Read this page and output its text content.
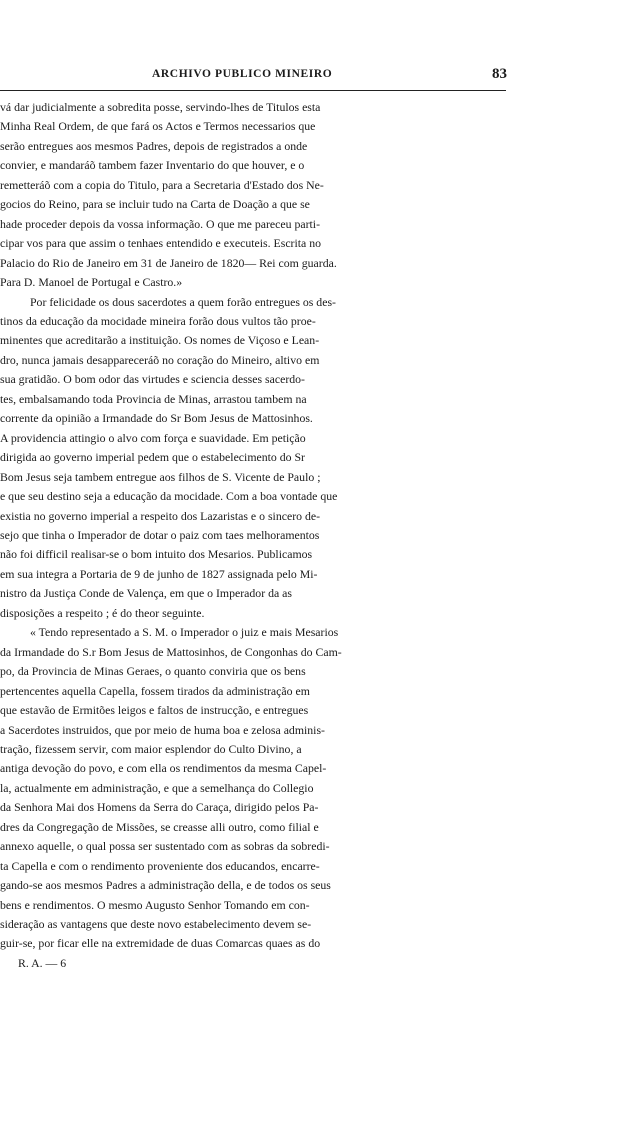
ARCHIVO PUBLICO MINEIRO	83
vá dar judicialmente a sobredita posse, servindo-lhes de Titulos esta
Minha Real Ordem, de que fará os Actos e Termos necessarios que
serão entregues aos mesmos Padres, depois de registrados a onde
convier, e mandaráõ tambem fazer Inventario do que houver, e o
remetteráõ com a copia do Titulo, para a Secretaria d'Estado dos Ne-
gocios do Reino, para se incluir tudo na Carta de Doação a que se
hade proceder depois da vossa informação. O que me pareceu parti-
cipar vos para que assim o tenhaes entendido e executeis. Escrita no
Palacio do Rio de Janeiro em 31 de Janeiro de 1820— Rei com guarda.
Para D. Manoel de Portugal e Castro.»
Por felicidade os dous sacerdotes a quem forão entregues os des-
tinos da educação da mocidade mineira forão dous vultos tão proe-
minentes que acreditarão a instituição. Os nomes de Viçoso e Lean-
dro, nunca jamais desappareceráõ no coração do Mineiro, altivo em
sua gratidão. O bom odor das virtudes e sciencia desses sacerdo-
tes, embalsamando toda Provincia de Minas, arrastou tambem na
corrente da opinião a Irmandade do Sr Bom Jesus de Mattosinhos.
A providencia attingio o alvo com força e suavidade. Em petição
dirigida ao governo imperial pedem que o estabelecimento do Sr
Bom Jesus seja tambem entregue aos filhos de S. Vicente de Paulo ;
e que seu destino seja a educação da mocidade. Com a boa vontade que
existia no governo imperial a respeito dos Lazaristas e o sincero de-
sejo que tinha o Imperador de dotar o paiz com taes melhoramentos
não foi difficil realisar-se o bom intuito dos Mesarios. Publicamos
em sua integra a Portaria de 9 de junho de 1827 assignada pelo Mi-
nistro da Justiça Conde de Valença, em que o Imperador da as
disposições a respeito ; é do theor seguinte.
« Tendo representado a S. M. o Imperador o juiz e mais Mesarios
da Irmandade do S.r Bom Jesus de Mattosinhos, de Congonhas do Cam-
po, da Provincia de Minas Geraes, o quanto conviria que os bens
pertencentes aquella Capella, fossem tirados da administração em
que estavão de Ermitões leigos e faltos de instrucção, e entregues
a Sacerdotes instruidos, que por meio de huma boa e zelosa adminis-
tração, fizessem servir, com maior esplendor do Culto Divino, a
antiga devoção do povo, e com ella os rendimentos da mesma Capel-
la, actualmente em administração, e que a semelhança do Collegio
da Senhora Mai dos Homens da Serra do Caraça, dirigido pelos Pa-
dres da Congregação de Missões, se creasse alli outro, como filial e
annexo aquelle, o qual possa ser sustentado com as sobras da sobredi-
ta Capella e com o rendimento proveniente dos educandos, encarre-
gando-se aos mesmos Padres a administração della, e de todos os seus
bens e rendimentos. O mesmo Augusto Senhor Tomando em con-
sideração as vantagens que deste novo estabelecimento devem se-
guir-se, por ficar elle na extremidade de duas Comarcas quaes as do
R. A. — 6
